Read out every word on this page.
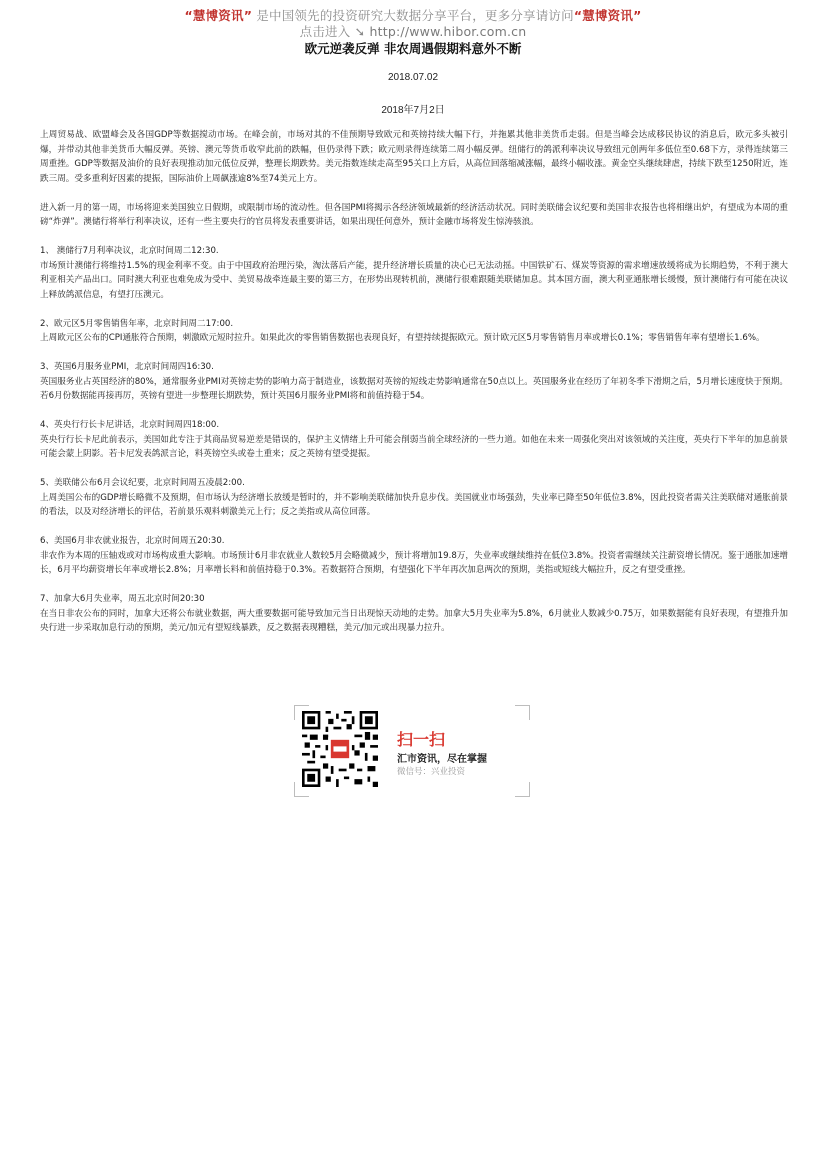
“慧博资讯” 是中国领先的投资研究大数据分享平台，更多分享请访问“慧博资讯”
点击进入 ➘ http://www.hibor.com.cn
欧元逆袭反弹 非农周遇假期料意外不断
2018.07.02
2018年7月2日

上周贸易战、欧盟峰会及各国GDP等数据搅动市场。在峰会前，市场对其的不佳预期导致欧元和英镑持续大幅下行，并拖累其他非美货币走弱。但是当峰会达成移民协议的消息后，欧元多头被引爆，并带动其他非美货币大幅反弹。英镑、澳元等货币收窄此前的跌幅，但仍录得下跌；欧元则录得连续第二周小幅反弹。纽储行的鸽派利率决议导致纽元创两年多低位至0.68下方，录得连续第三周重挫。GDP等数据及油价的良好表现推动加元低位反弹，整理长期跌势。美元指数连续走高至95关口上方后，从高位回落缩减涨幅，最终小幅收涨。黄金空头继续肆虐，持续下跌至1250附近，连跌三周。受多重利好因素的提振，国际油价上周飙涨逾8%至74美元上方。

进入新一月的第一周，市场将迎来美国独立日假期，或限制市场的流动性。但各国PMI将揭示各经济领域最新的经济活动状况。同时美联储会议纪要和美国非农报告也将相继出炉，有望成为本周的重磅“炸弹”。澳储行将举行利率决议，还有一些主要央行的官员将发表重要讲话，如果出现任何意外，预计金融市场将发生惊涛骇浪。

1、 澳储行7月利率决议，北京时间周二12:30.

市场预计澳储行将维持1.5%的现金利率不变。由于中国政府治理污染，淘汰落后产能，提升经济增长质量的决心已无法动摇。中国铁矿石、煤炭等资源的需求增速放缓将成为长期趋势，不利于澳大利亚相关产品出口。同时澳大利亚也难免成为受中、美贸易战牵连最主要的第三方，在形势出现转机前，澳储行很难跟随美联储加息。其本国方面，澳大利亚通胀增长缓慢，预计澳储行有可能在决议上释放鸽派信息，有望打压澳元。

2、欧元区5月零售销售年率，北京时间周二17:00.

上周欧元区公布的CPI通胀符合预期，刺激欧元短时拉升。如果此次的零售销售数据也表现良好，有望持续提振欧元。预计欧元区5月零售销售月率或增长0.1%；零售销售年率有望增长1.6%。

3、英国6月服务业PMI，北京时间周四16:30.

英国服务业占英国经济的80%，通常服务业PMI对英镑走势的影响力高于制造业，该数据对英镑的短线走势影响通常在50点以上。英国服务业在经历了年初冬季下滑期之后，5月增长速度快于预期。若6月份数据能再接再厉，英镑有望进一步整理长期跌势，预计英国6月服务业PMI将和前值持稳于54。

4、英央行行长卡尼讲话，北京时间周四18:00.

英央行行长卡尼此前表示，美国如此专注于其商品贸易逆差是错误的，保护主义情绪上升可能会削弱当前全球经济的一些力道。如他在未来一周强化突出对该领域的关注度，英央行下半年的加息前景可能会蒙上阴影。若卡尼发表鸽派言论，料英镑空头或卷土重来；反之英镑有望受提振。

5、美联储公布6月会议纪要，北京时间周五凌晨2:00.

上周美国公布的GDP增长略微不及预期，但市场认为经济增长放缓是暂时的，并不影响美联储加快升息步伐。美国就业市场强劲，失业率已降至50年低位3.8%，因此投资者需关注美联储对通胀前景的看法，以及对经济增长的评估，若前景乐观料刺激美元上行；反之美指或从高位回落。

6、美国6月非农就业报告，北京时间周五20:30.

非农作为本周的压轴戏或对市场构成重大影响。市场预计6月非农就业人数较5月会略微减少，预计将增加19.8万，失业率或继续维持在低位3.8%。投资者需继续关注薪资增长情况。鉴于通胀加速增长，6月平均薪资增长年率或增长2.8%；月率增长料和前值持稳于0.3%。若数据符合预期，有望强化下半年再次加息两次的预期，美指或短线大幅拉升，反之有望受重挫。

7、加拿大6月失业率，周五北京时间20:30

在当日非农公布的同时，加拿大还将公布就业数据，两大重要数据可能导致加元当日出现惊天动地的走势。加拿大5月失业率为5.8%，6月就业人数减少0.75万，如果数据能有良好表现，有望推升加央行进一步采取加息行动的预期，美元/加元有望短线暴跌，反之数据表现糟糕，美元/加元或出现暴力拉升。

扫一扫
汇市资讯，尽在掌握
微信号：兴业投资
